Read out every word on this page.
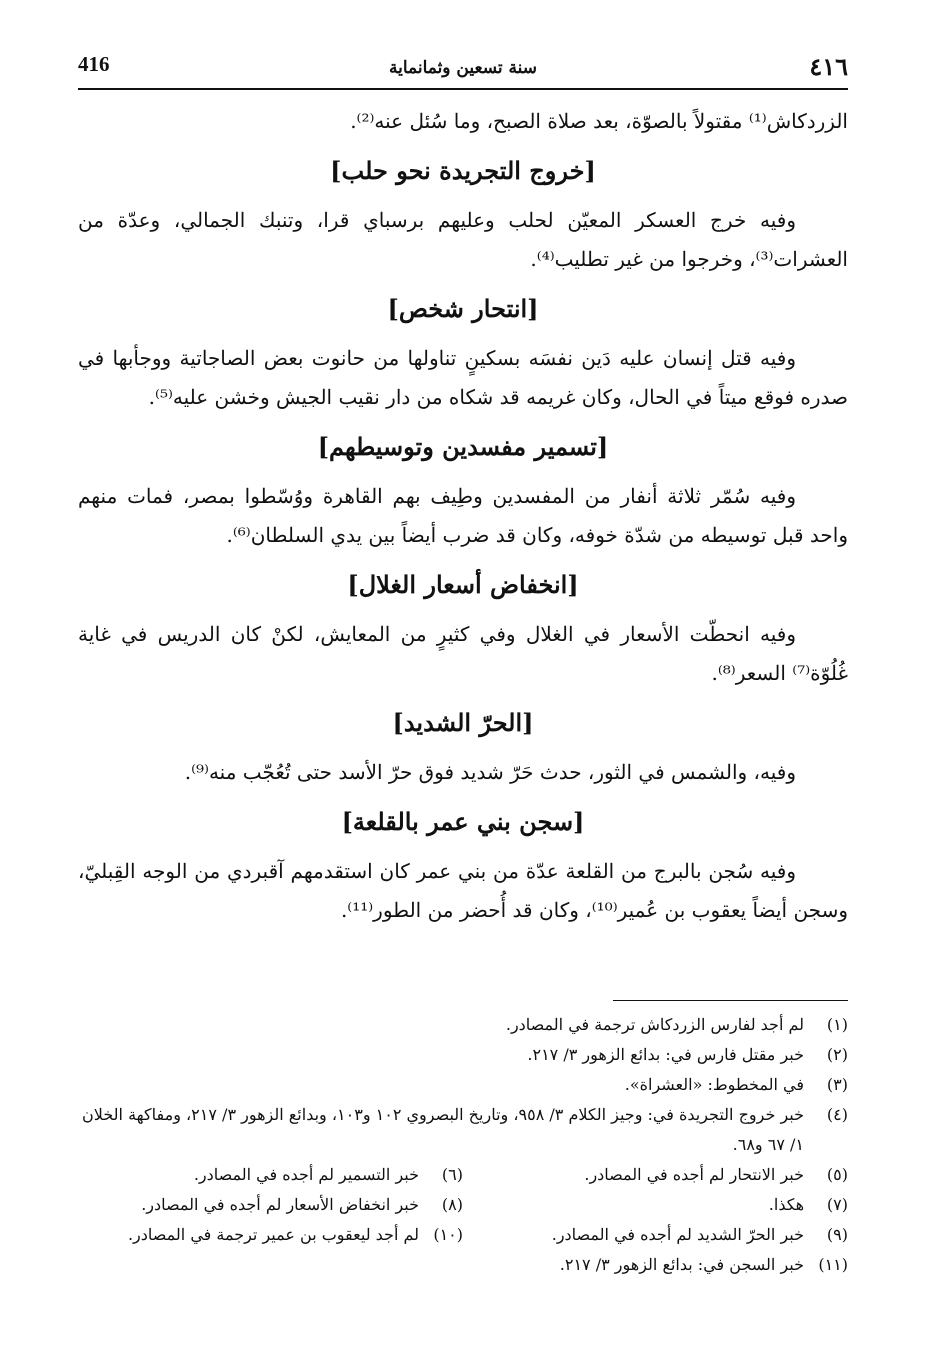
٤١٦
سنة تسعين وثمانماية
416

الزردكاش⁽¹⁾ مقتولاً بالصوّة، بعد صلاة الصبح، وما سُئل عنه⁽²⁾.

[خروج التجريدة نحو حلب]

وفيه خرج العسكر المعيّن لحلب وعليهم برسباي قرا، وتنبك الجمالي، وعدّة من العشرات⁽³⁾، وخرجوا من غير تطليب⁽⁴⁾.

[انتحار شخص]

وفيه قتل إنسان عليه دَين نفسَه بسكينٍ تناولها من حانوت بعض الصاجاتية ووجأبها في صدره فوقع ميتاً في الحال، وكان غريمه قد شكاه من دار نقيب الجيش وخشن عليه⁽⁵⁾.

[تسمير مفسدين وتوسيطهم]

وفيه سُمّر ثلاثة أنفار من المفسدين وطِيف بهم القاهرة ووُسّطوا بمصر، فمات منهم واحد قبل توسيطه من شدّة خوفه، وكان قد ضرب أيضاً بين يدي السلطان⁽⁶⁾.

[انخفاض أسعار الغلال]

وفيه انحطّت الأسعار في الغلال وفي كثيرٍ من المعايش، لكنْ كان الدريس في غاية غُلُوّة⁽⁷⁾ السعر⁽⁸⁾.

[الحرّ الشديد]

وفيه، والشمس في الثور، حدث حَرّ شديد فوق حرّ الأسد حتى تُعُجّب منه⁽⁹⁾.

[سجن بني عمر بالقلعة]

وفيه سُجن بالبرج من القلعة عدّة من بني عمر كان استقدمهم آقبردي من الوجه القِبليّ، وسجن أيضاً يعقوب بن عُمير⁽¹⁰⁾، وكان قد أُحضر من الطور⁽¹¹⁾.

(١)
لم أجد لفارس الزردكاش ترجمة في المصادر.
(٢)
خبر مقتل فارس في: بدائع الزهور ٣/ ٢١٧.
(٣)
في المخطوط: «العشراة».
(٤)
خبر خروج التجريدة في: وجيز الكلام ٣/ ٩٥٨، وتاريخ البصروي ١٠٢ و١٠٣، وبدائع الزهور ٣/ ٢١٧، ومفاكهة الخلان ١/ ٦٧ و٦٨.
(٥)
خبر الانتحار لم أجده في المصادر.
(٧)
هكذا.
(٩)
خبر الحرّ الشديد لم أجده في المصادر.
(١١)
خبر السجن في: بدائع الزهور ٣/ ٢١٧.
(٦)
خبر التسمير لم أجده في المصادر.
(٨)
خبر انخفاض الأسعار لم أجده في المصادر.
(١٠)
لم أجد ليعقوب بن عمير ترجمة في المصادر.
